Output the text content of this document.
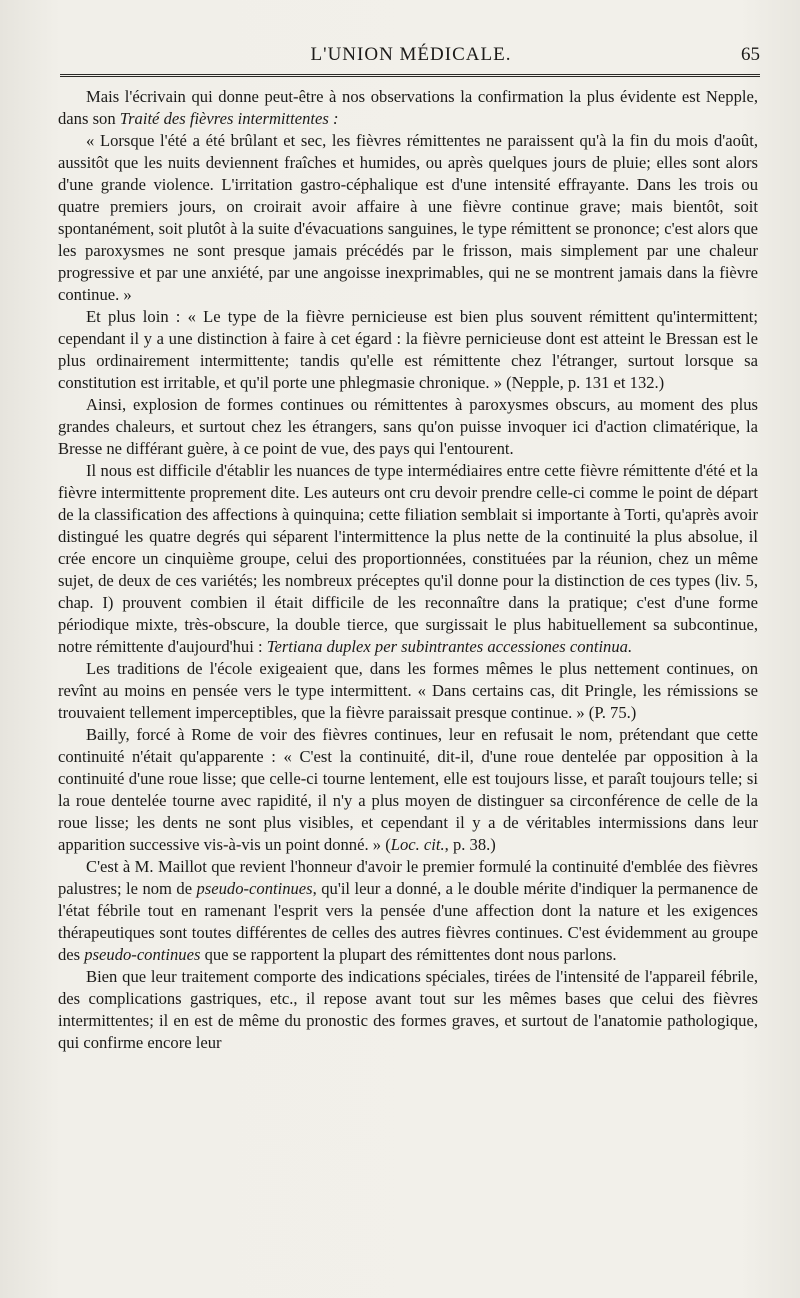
L'UNION MÉDICALE.	65

Mais l'écrivain qui donne peut-être à nos observations la confirmation la plus évidente est Nepple, dans son Traité des fièvres intermittentes :

« Lorsque l'été a été brûlant et sec, les fièvres rémittentes ne paraissent qu'à la fin du mois d'août, aussitôt que les nuits deviennent fraîches et humides, ou après quelques jours de pluie; elles sont alors d'une grande violence. L'irritation gastro-céphalique est d'une intensité effrayante. Dans les trois ou quatre premiers jours, on croirait avoir affaire à une fièvre continue grave; mais bientôt, soit spontanément, soit plutôt à la suite d'évacuations sanguines, le type rémittent se prononce; c'est alors que les paroxysmes ne sont presque jamais précédés par le frisson, mais simplement par une chaleur progressive et par une anxiété, par une angoisse inexprimables, qui ne se montrent jamais dans la fièvre continue. »

Et plus loin : « Le type de la fièvre pernicieuse est bien plus souvent rémittent qu'intermittent; cependant il y a une distinction à faire à cet égard : la fièvre pernicieuse dont est atteint le Bressan est le plus ordinairement intermittente; tandis qu'elle est rémittente chez l'étranger, surtout lorsque sa constitution est irritable, et qu'il porte une phlegmasie chronique. » (Nepple, p. 131 et 132.)

Ainsi, explosion de formes continues ou rémittentes à paroxysmes obscurs, au moment des plus grandes chaleurs, et surtout chez les étrangers, sans qu'on puisse invoquer ici d'action climatérique, la Bresse ne différant guère, à ce point de vue, des pays qui l'entourent.

Il nous est difficile d'établir les nuances de type intermédiaires entre cette fièvre rémittente d'été et la fièvre intermittente proprement dite. Les auteurs ont cru devoir prendre celle-ci comme le point de départ de la classification des affections à quinquina; cette filiation semblait si importante à Torti, qu'après avoir distingué les quatre degrés qui séparent l'intermittence la plus nette de la continuité la plus absolue, il crée encore un cinquième groupe, celui des proportionnées, constituées par la réunion, chez un même sujet, de deux de ces variétés; les nombreux préceptes qu'il donne pour la distinction de ces types (liv. 5, chap. I) prouvent combien il était difficile de les reconnaître dans la pratique; c'est d'une forme périodique mixte, très-obscure, la double tierce, que surgissait le plus habituellement sa subcontinue, notre rémittente d'aujourd'hui : Tertiana duplex per subintrantes accessiones continua.

Les traditions de l'école exigeaient que, dans les formes mêmes le plus nettement continues, on revînt au moins en pensée vers le type intermittent. « Dans certains cas, dit Pringle, les rémissions se trouvaient tellement imperceptibles, que la fièvre paraissait presque continue. » (P. 75.)

Bailly, forcé à Rome de voir des fièvres continues, leur en refusait le nom, prétendant que cette continuité n'était qu'apparente : « C'est la continuité, dit-il, d'une roue dentelée par opposition à la continuité d'une roue lisse; que celle-ci tourne lentement, elle est toujours lisse, et paraît toujours telle; si la roue dentelée tourne avec rapidité, il n'y a plus moyen de distinguer sa circonférence de celle de la roue lisse; les dents ne sont plus visibles, et cependant il y a de véritables intermissions dans leur apparition successive vis-à-vis un point donné. » (Loc. cit., p. 38.)

C'est à M. Maillot que revient l'honneur d'avoir le premier formulé la continuité d'emblée des fièvres palustres; le nom de pseudo-continues, qu'il leur a donné, a le double mérite d'indiquer la permanence de l'état fébrile tout en ramenant l'esprit vers la pensée d'une affection dont la nature et les exigences thérapeutiques sont toutes différentes de celles des autres fièvres continues. C'est évidemment au groupe des pseudo-continues que se rapportent la plupart des rémittentes dont nous parlons.

Bien que leur traitement comporte des indications spéciales, tirées de l'intensité de l'appareil fébrile, des complications gastriques, etc., il repose avant tout sur les mêmes bases que celui des fièvres intermittentes; il en est de même du pronostic des formes graves, et surtout de l'anatomie pathologique, qui confirme encore leur
